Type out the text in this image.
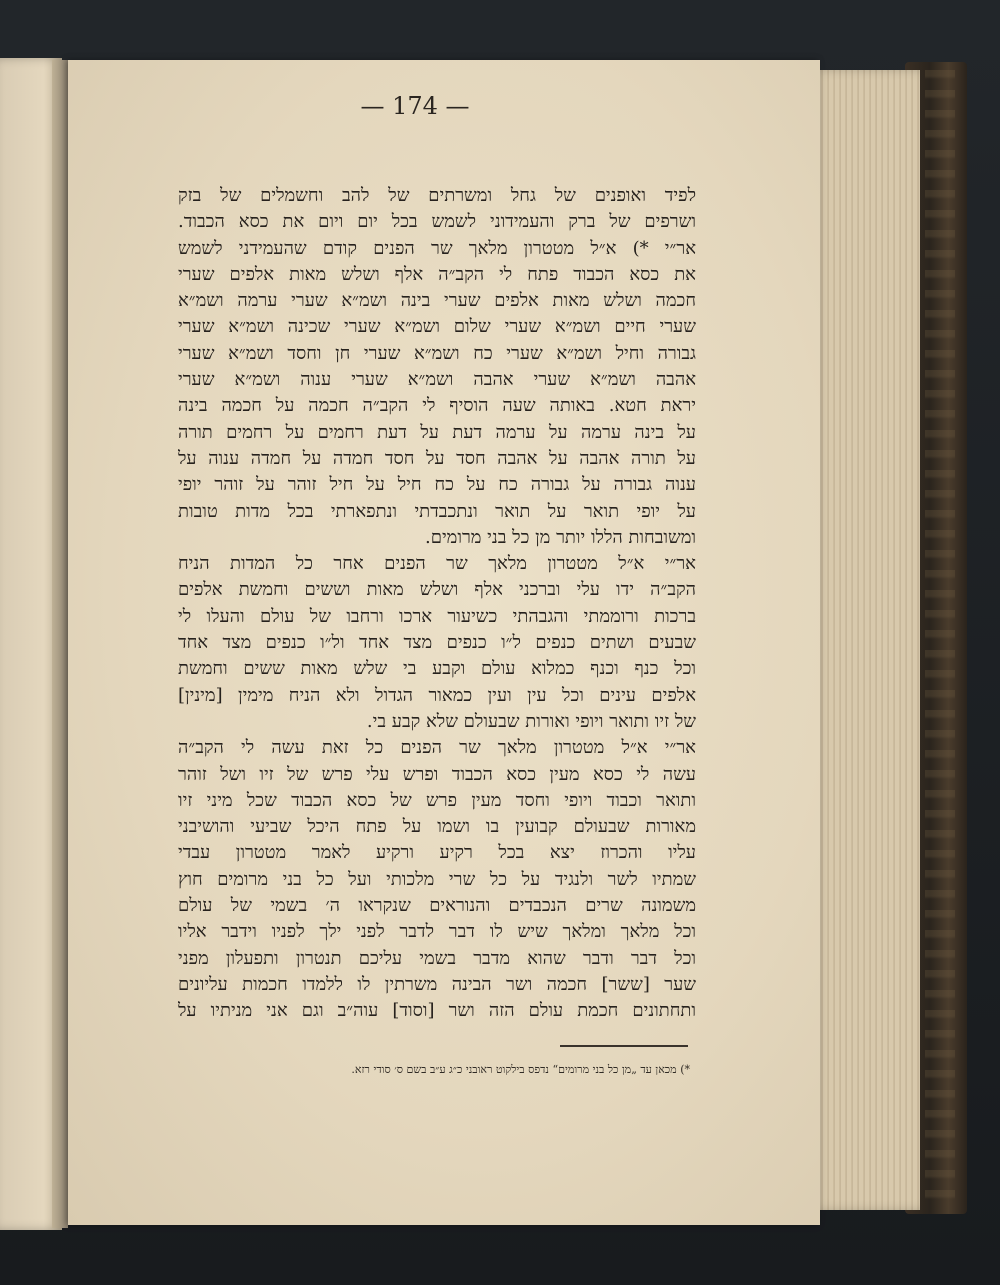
— 174 —
לפיד ואופנים של גחל ומשרתים של להב וחשמלים של בזק
ושרפים של ברק והעמידוני לשמש בכל יום ויום את כסא הכבוד.
אר״י *) א״ל מטטרון מלאך שר הפנים קודם שהעמידני לשמש
את כסא הכבוד פתח לי הקב״ה אלף ושלש מאות אלפים שערי
חכמה ושלש מאות אלפים שערי בינה ושמ״א שערי ערמה ושמ״א
שערי חיים ושמ״א שערי שלום ושמ״א שערי שכינה ושמ״א שערי
גבורה וחיל ושמ״א שערי כח ושמ״א שערי חן וחסד ושמ״א שערי
אהבה ושמ״א שערי אהבה ושמ״א שערי ענוה ושמ״א שערי
יראת חטא. באותה שעה הוסיף לי הקב״ה חכמה על חכמה בינה
על בינה ערמה על ערמה דעת על דעת רחמים על רחמים תורה
על תורה אהבה על אהבה חסד על חסד חמדה על חמדה ענוה על
ענוה גבורה על גבורה כח על כח חיל על חיל זוהר על זוהר יופי
על יופי תואר על תואר ונתכבדתי ונתפארתי בכל מדות טובות
ומשובחות הללו יותר מן כל בני מרומים.
אר״י א״ל מטטרון מלאך שר הפנים אחר כל המדות הניח
הקב״ה ידו עלי וברכני אלף ושלש מאות וששים וחמשת אלפים
ברכות ורוממתי והגבהתי כשיעור ארכו ורחבו של עולם והעלו לי
שבעים ושתים כנפים ל״ו כנפים מצד אחד ול״ו כנפים מצד אחד
וכל כנף וכנף כמלוא עולם וקבע בי שלש מאות ששים וחמשת
אלפים עינים וכל עין ועין כמאור הגדול ולא הניח מימין [מינין]
של זיו ותואר ויופי ואורות שבעולם שלא קבע בי.
אר״י א״ל מטטרון מלאך שר הפנים כל זאת עשה לי הקב״ה
עשה לי כסא מעין כסא הכבוד ופרש עלי פרש של זיו ושל זוהר
ותואר וכבוד ויופי וחסד מעין פרש של כסא הכבוד שכל מיני זיו
מאורות שבעולם קבועין בו ושמו על פתח היכל שביעי והושיבני
עליו והכרוז יצא בכל רקיע ורקיע לאמר מטטרון עבדי
שמתיו לשר ולנגיד על כל שרי מלכותי ועל כל בני מרומים חוץ
משמונה שרים הנכבדים והנוראים שנקראו ה׳ בשמי של עולם
וכל מלאך ומלאך שיש לו דבר לדבר לפני ילך לפניו וידבר אליו
וכל דבר ודבר שהוא מדבר בשמי עליכם תנטרון ותפעלון מפני
שער [ששר] חכמה ושר הבינה משרתין לו ללמדו חכמות עליונים
ותחתונים חכמת עולם הזה ושר [וסוד] עוה״ב וגם אני מניתיו על
*) מכאן עד „מן כל בני מרומים“ נדפס בילקוט ראובני כ״ג ע״ב בשם ס׳ סודי רזא.
